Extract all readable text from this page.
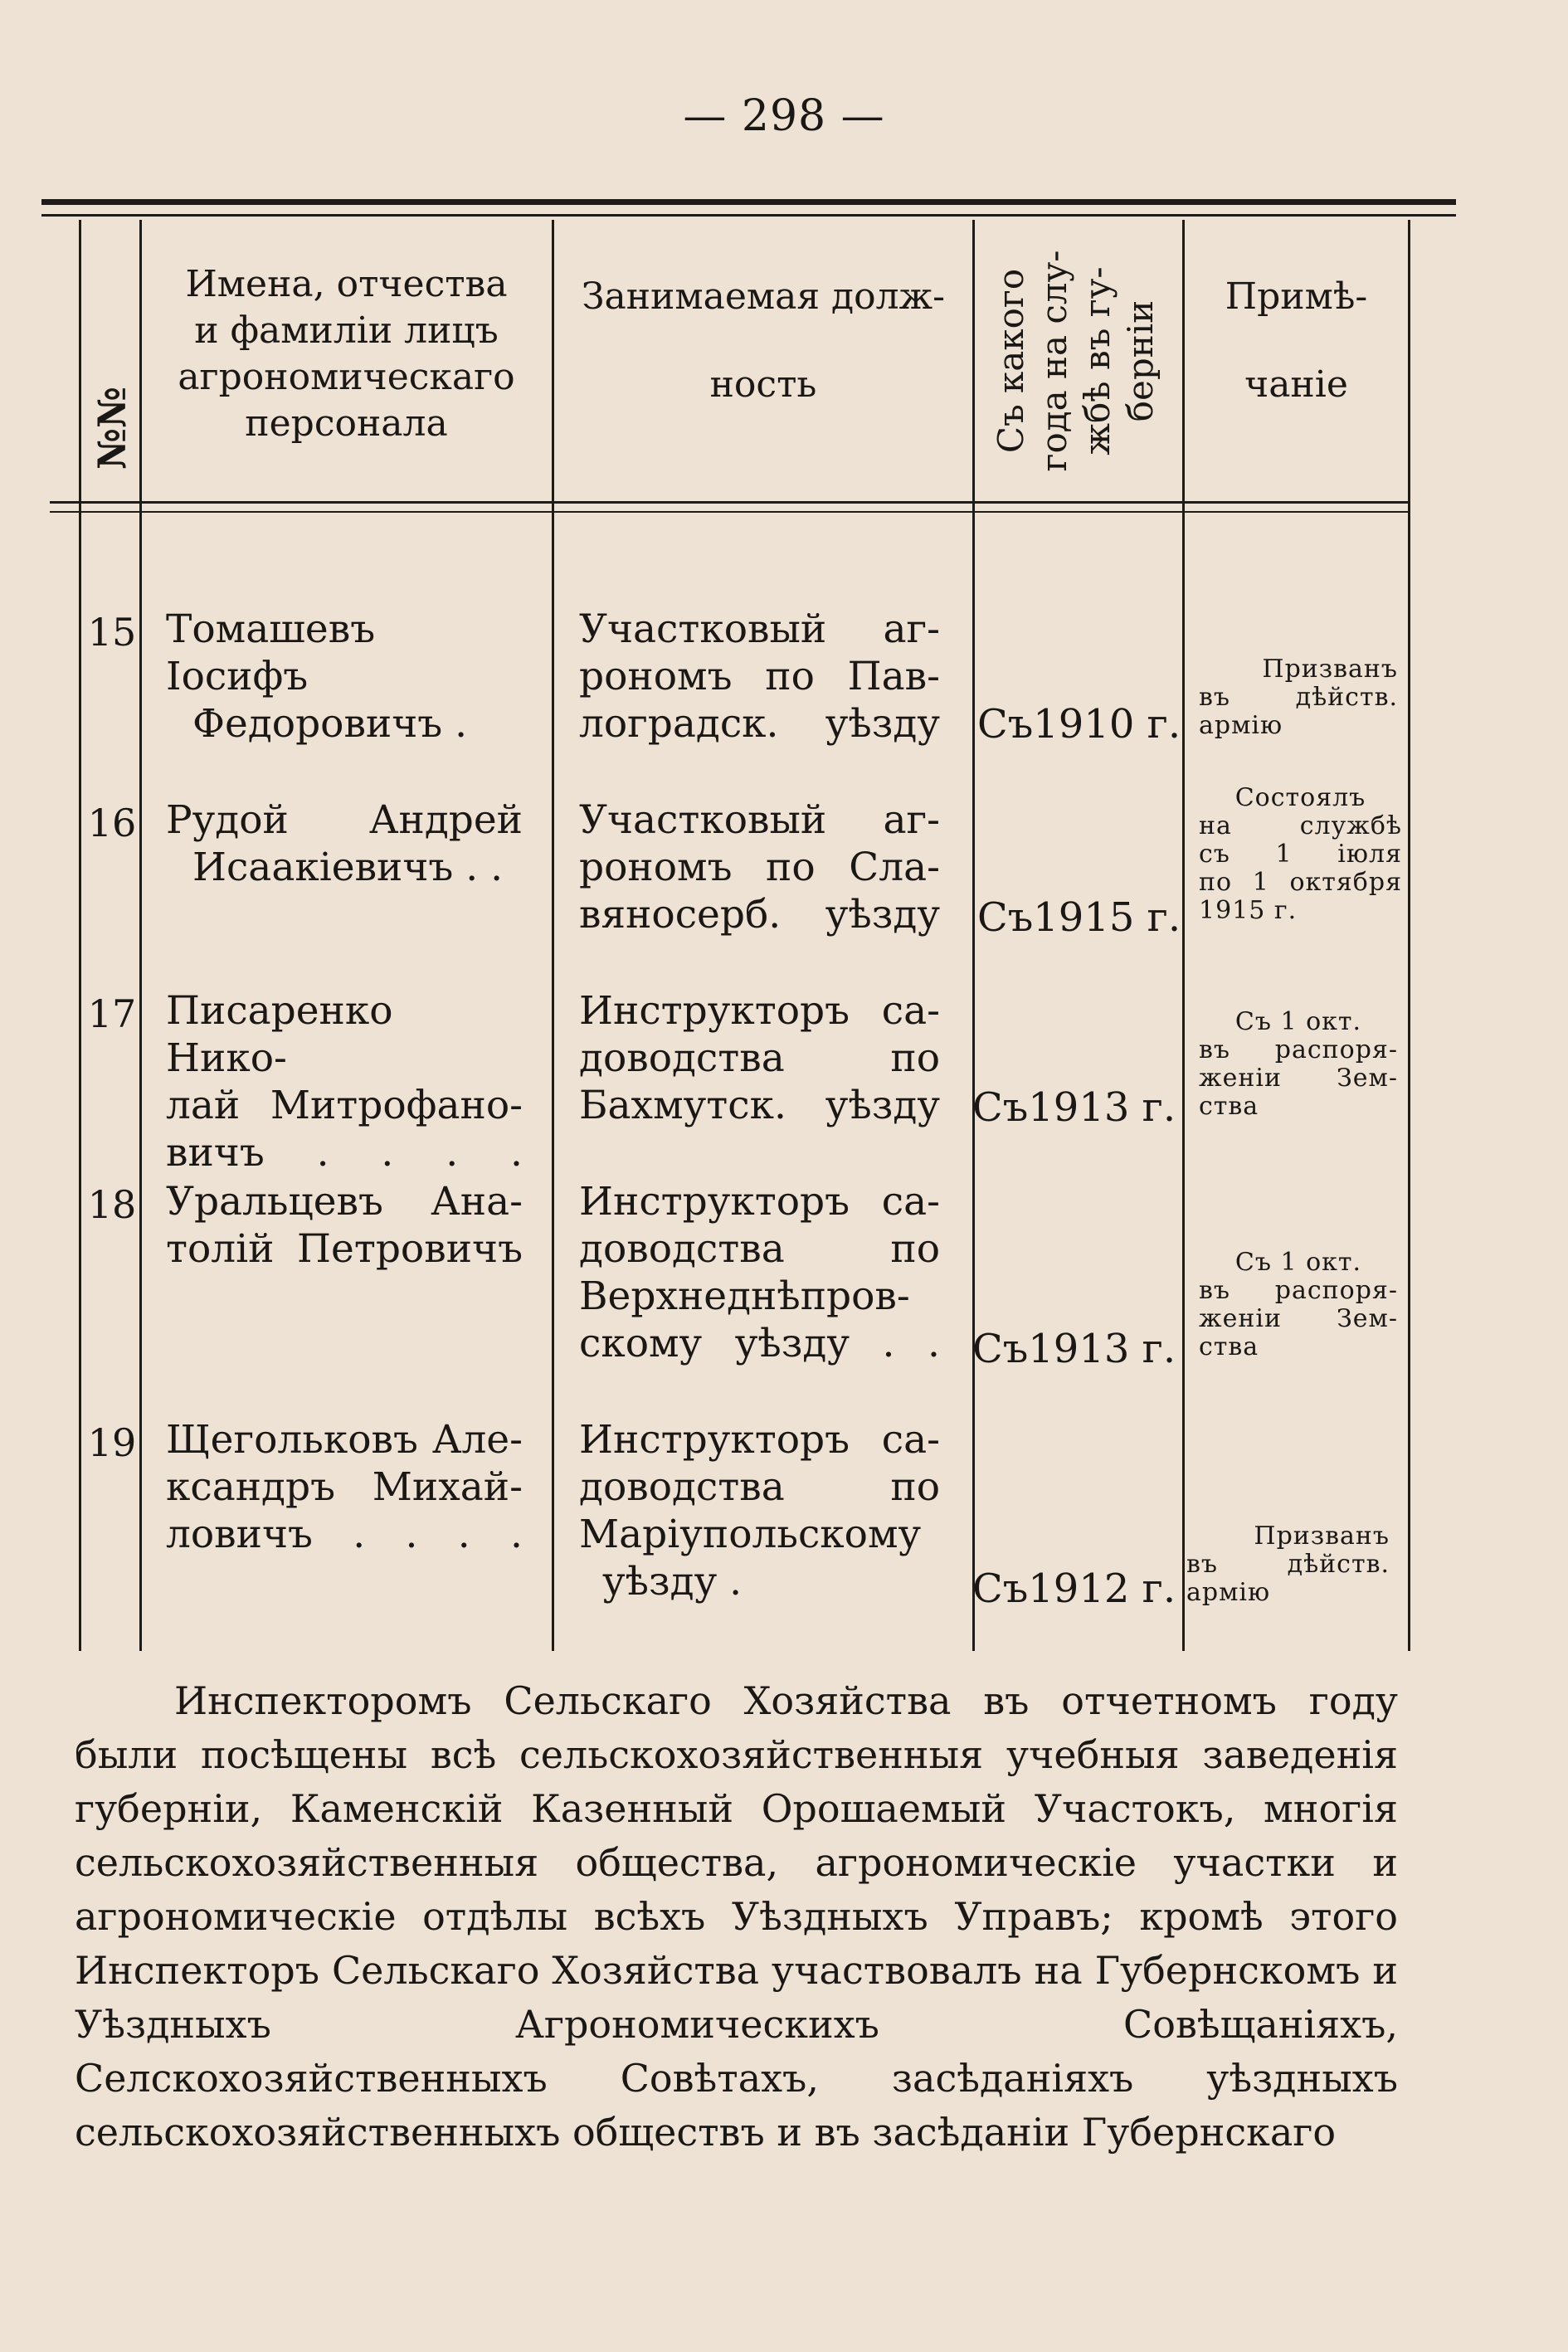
— 298 —
№№
Имена, отчества
и фамилiи лицъ
агрономическаго
персонала
Занимаемая долж-
ность	Съ какого года на слу- жбѣ въ гу- берніи
Примѣ-
чаніе
15 Томашевъ Iосифъ
Федоровичъ .
Участковый аг-
рономъ по Пав-
лоградск. уѣзду Съ1910 г.
Призванъ
въ дѣйств.
армію
16 Рудой Андрей
Исаакіевичъ . .
Участковый аг-
рономъ по Сла-
вяносерб. уѣзду Съ1915 г.
Состоялъ
на службѣ
съ 1 іюля
по 1 октября
1915 г.
17 Писаренко Нико-
лай Митрофано-
вичъ . . . .
Инструкторъ са-
доводства по
Бахмутск. уѣзду Съ1913 г.
Съ 1 окт.
въ распоря-
женіи Зем-
ства
18 Уральцевъ Ана-
толій Петровичъ
Инструкторъ са-
доводства по
Верхнеднѣпров-
скому уѣзду . . Съ1913 г.
Съ 1 окт.
въ распоря-
женіи Зем-
ства
19 Щегольковъ Але-
ксандръ Михай-
ловичъ . . . .
Инструкторъ са-
доводства по
Маріупольскому
уѣзду .	Съ1912 г.
Призванъ
въ дѣйств.
армію
Инспекторомъ Сельскаго Хозяйства въ отчетномъ году были посѣщены всѣ сельскохозяйственныя учебныя заведенія губерніи, Каменскій Казенный Орошаемый Участокъ, многія сельскохозяйственныя общества, агрономическіе участки и агрономическіе отдѣлы всѣхъ Уѣздныхъ Управъ; кромѣ этого Инспекторъ Сельскаго Хозяйства участвовалъ на Губернскомъ и Уѣздныхъ Агрономическихъ Совѣщаніяхъ, Селскохозяйственныхъ Совѣтахъ, засѣданіяхъ уѣздныхъ сельскохозяйственныхъ обществъ и въ засѣданіи Губернскаго
